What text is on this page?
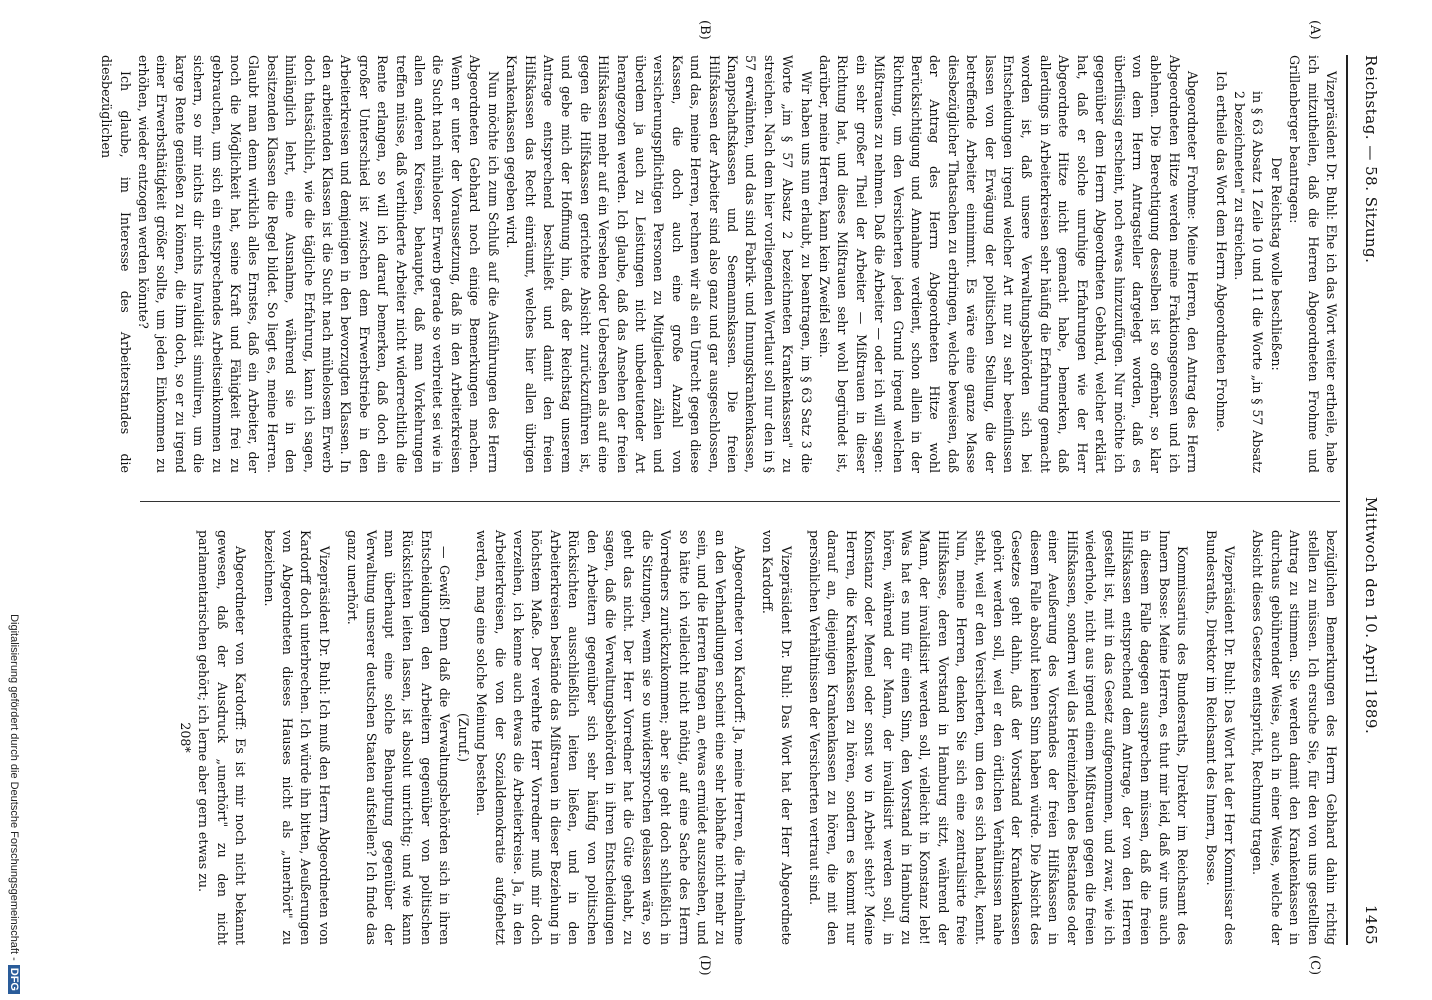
Reichstag. — 58. Sitzung.
Mittwoch den 10. April 1889.  1465
(A)
(B)
(C)
(D)

Vizepräsident Dr. Buhl: Ehe ich das Wort weiter ertheile, habe ich mitzutheilen, daß die Herren Abgeordneten Frohme und Grillenberger beantragen:

Der Reichstag wolle beschließen:

in § 63 Absatz 1 Zeile 10 und 11 die Worte „in § 57 Absatz 2 bezeichneten" zu streichen.

Ich ertheile das Wort dem Herrn Abgeordneten Frohme.

Abgeordneter Frohme: Meine Herren, den Antrag des Herrn Abgeordneten Hitze werden meine Fraktionsgenossen und ich ablehnen. Die Berechtigung desselben ist so offenbar, so klar von dem Herrn Antragsteller dargelegt worden, daß es überflüssig erscheint, noch etwas hinzuzufügen. Nur möchte ich gegenüber dem Herrn Abgeordneten Gebhard, welcher erklärt hat, daß er solche unruhige Erfahrungen wie der Herr Abgeordnete Hitze nicht gemacht habe, bemerken, daß allerdings in Arbeiterkreisen sehr häufig die Erfahrung gemacht worden ist, daß unsere Verwaltungsbehörden sich bei Entscheidungen irgend welcher Art nur zu sehr beeinflussen lassen von der Erwägung der politischen Stellung, die der betreffende Arbeiter einnimmt. Es wäre eine ganze Masse diesbezüglicher Thatsachen zu erbringen, welche beweisen, daß der Antrag des Herrn Abgeordneten Hitze wohl Berücksichtigung und Annahme verdient, schon allein in der Richtung, um den Versicherten jeden Grund irgend welchen Mißtrauens zu nehmen. Daß die Arbeiter — oder ich will sagen: ein sehr großer Theil der Arbeiter — Mißtrauen in dieser Richtung hat, und dieses Mißtrauen sehr wohl begründet ist, darüber, meine Herren, kann kein Zweifel sein.

Wir haben uns nun erlaubt, zu beantragen, im § 63 Satz 3 die Worte „im § 57 Absatz 2 bezeichneten Krankenkassen" zu streichen. Nach dem hier vorliegenden Wortlaut soll nur den in § 57 erwähnten, und das sind Fabrik- und Innungskrankenkassen, Knappschaftskassen und Seemannskassen. Die freien Hilfskassen der Arbeiter sind also ganz und gar ausgeschlossen, und das, meine Herren, rechnen wir als ein Unrecht gegen diese Kassen, die doch auch eine große Anzahl von versicherungspflichtigen Personen zu Mitgliedern zählen und überdem ja auch zu Leistungen nicht unbedeutender Art herangezogen werden. Ich glaube, daß das Ansehen der freien Hilfskassen mehr auf ein Versehen oder Uebersehen als auf eine gegen die Hilfskassen gerichtete Absicht zurückzuführen ist, und gebe mich der Hoffnung hin, daß der Reichstag unserem Antrage entsprechend beschließt und damit den freien Hilfskassen das Recht einräumt, welches hier allen übrigen Krankenkassen gegeben wird.

Nun möchte ich zum Schluß auf die Ausführungen des Herrn Abgeordneten Gebhard noch einige Bemerkungen machen. Wenn er unter der Voraussetzung, daß in den Arbeiterkreisen die Sucht nach müheloser Erwerb gerade so verbreitet sei wie in allen anderen Kreisen, behauptet, daß man Vorkehrungen treffen müsse, daß verhinderte Arbeiter nicht widerrechtlich die Rente erlangen, so will ich darauf bemerken, daß doch ein großer Unterschied ist zwischen dem Erwerbstriebe in den Arbeiterkreisen und demjenigen in den bevorzugten Klassen. In den arbeitenden Klassen ist die Sucht nach mühelosem Erwerb doch thatsächlich, wie die tägliche Erfahrung, kann ich sagen, hinlänglich lehrt, eine Ausnahme, während sie in den besitzenden Klassen die Regel bildet. So liegt es, meine Herren. Glaubt man denn wirklich alles Ernstes, daß ein Arbeiter, der noch die Möglichkeit hat, seine Kraft und Fähigkeit frei zu gebrauchen, um sich ein entsprechendes Arbeitseinkommen zu sichern, so mir nichts dir nichts Invalidität simuliren, um die karge Rente genießen zu können, die ihm doch, so er zu irgend einer Erwerbsthätigkeit größer sollte, um jeden Einkommen zu erhöhen, wieder entzogen werden könnte?

Ich glaube, im Interesse des Arbeiterstandes die diesbezüglichen

bezüglichen Bemerkungen des Herrn Gebhard dahin richtig stellen zu müssen. Ich ersuche Sie, für den von uns gestellten Antrag zu stimmen. Sie werden damit den Krankenkassen in durchaus gebührender Weise, auch in einer Weise, welche der Absicht dieses Gesetzes entspricht, Rechnung tragen.

Vizepräsident Dr. Buhl: Das Wort hat der Herr Kommissar des Bundesraths, Direktor im Reichsamt des Innern, Bosse.

Kommissarius des Bundesraths, Direktor im Reichsamt des Innern Bosse: Meine Herren, es thut mir leid, daß wir uns auch in diesem Falle dagegen aussprechen müssen, daß die freien Hilfskassen entsprechend dem Antrage, der von den Herren gestellt ist, mit in das Gesetz aufgenommen, und zwar, wie ich wiederhole, nicht aus irgend einem Mißtrauen gegen die freien Hilfskassen, sondern weil das Hereinziehen des Bestandes oder einer Aeußerung des Vorstandes der freien Hilfskassen in diesem Falle absolut keinen Sinn haben würde. Die Absicht des Gesetzes geht dahin, daß der Vorstand der Krankenkassen gehört werden soll, weil er den örtlichen Verhältnissen nahe steht, weil er den Versicherten, um den es sich handelt, kennt. Nun, meine Herren, denken Sie sich eine zentralisirte freie Hilfskasse, deren Vorstand in Hamburg sitzt, während der Mann, der invalidisirt werden soll, vielleicht in Konstanz lebt! Was hat es nun für einen Sinn, den Vorstand in Hamburg zu hören, während der Mann, der invalidisirt werden soll, in Konstanz oder Memel oder sonst wo in Arbeit steht? Meine Herren, die Krankenkassen zu hören, sondern es kommt nur darauf an, diejenigen Krankenkassen zu hören, die mit den persönlichen Verhältnissen der Versicherten vertraut sind.

Vizepräsident Dr. Buhl: Das Wort hat der Herr Abgeordnete von Kardorff.

Abgeordneter von Kardorff: Ja, meine Herren, die Theilnahme an den Verhandlungen scheint eine sehr lebhafte nicht mehr zu sein, und die Herren fangen an, etwas ermüdet auszusehen, und so hätte ich vielleicht nicht nöthig, auf eine Sache des Herrn Vorredners zurückzukommen; aber sie geht doch schließlich in die Sitzungen, wenn sie so unwidersprochen gelassen wäre, so geht das nicht. Der Herr Vorredner hat die Güte gehabt, zu sagen, daß die Verwaltungsbehörden in ihren Entscheidungen den Arbeitern gegenüber sich sehr häufig von politischen Rücksichten ausschließlich leiten ließen, und in den Arbeiterkreisen bestände das Mißtrauen in dieser Beziehung in höchstem Maße. Der verehrte Herr Vorredner muß mir doch verzeihen, ich kenne auch etwas die Arbeiterkreise. Ja, in den Arbeiterkreisen, die von der Sozialdemokratie aufgehetzt werden, mag eine solche Meinung bestehen.

(Zuruf.)

— Gewiß! Denn daß die Verwaltungsbehörden sich in ihren Entscheidungen den Arbeitern gegenüber von politischen Rücksichten leiten lassen, ist absolut unrichtig; und wie kann man überhaupt eine solche Behauptung gegenüber der Verwaltung unserer deutschen Staaten aufstellen? Ich finde das ganz unerhört.

Vizepräsident Dr. Buhl: Ich muß den Herrn Abgeordneten von Kardorff doch unterbrechen. Ich würde ihn bitten, Aeußerungen von Abgeordneten dieses Hauses nicht als „unerhört" zu bezeichnen.

Abgeordneter von Kardorff: Es ist mir noch nicht bekannt gewesen, daß der Ausdruck „unerhört" zu den nicht parlamentarischen gehört; ich lerne aber gern etwas zu.

208*

Digitalisierung gefördert durch die Deutsche Forschungsgemeinschaft -DFG
